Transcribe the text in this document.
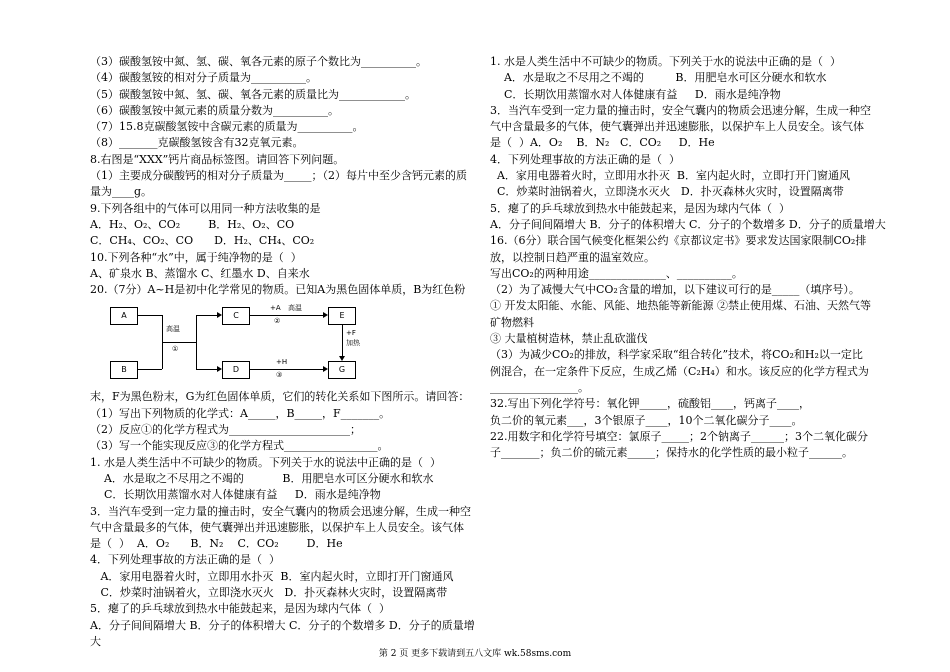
（3）碳酸氢铵中氮、氢、碳、氧各元素的原子个数比为__________。
（4）碳酸氢铵的相对分子质量为__________。
（5）碳酸氢铵中氮、氢、碳、氧各元素的质量比为____________。
（6）碳酸氢铵中氮元素的质量分数为__________。
（7）15.8克碳酸氢铵中含碳元素的质量为__________。
（8）_______克碳酸氢铵含有32克氧元素。
8.右图是“XXX”钙片商品标签图。请回答下列问题。
（1）主要成分碳酸钙的相对分子质量为_____；（2）每片中至少含钙元素的质
量为____g。
9.下列各组中的气体可以用同一种方法收集的是
A．H₂、O₂、CO₂        B．H₂、O₂、CO
C．CH₄、CO₂、CO      D．H₂、CH₄、CO₂
10.下列各种“水”中，属于纯净物的是（  ）
A、矿泉水 B、蒸馏水 C、红墨水 D、自来水
20.（7分）A~H是初中化学常见的物质。已知A为黑色固体单质，B为红色粉
A
B
C
D
E
G
高温
①
+A 高温
②
+F
加热
+H
③
末，F为黑色粉末，G为红色固体单质，它们的转化关系如下图所示。请回答：
（1）写出下列物质的化学式：A_____，B_____，F_______。
（2）反应①的化学方程式为______________________；
（3）写一个能实现反应③的化学方程式_________________。
1. 水是人类生活中不可缺少的物质。下列关于水的说法中正确的是（  ）
A．水是取之不尽用之不竭的           B．用肥皂水可区分硬水和软水
C．长期饮用蒸馏水对人体健康有益     D．雨水是纯净物
3．当汽车受到一定力量的撞击时，安全气囊内的物质会迅速分解，生成一种空
气中含量最多的气体，使气囊弹出并迅速膨胀，以保护车上人员安全。该气体
是（  ）  A．O₂      B．N₂    C．CO₂        D．He
4．下列处理事故的方法正确的是（  ）
A．家用电器着火时，立即用水扑灭  B．室内起火时，立即打开门窗通风
C．炒菜时油锅着火，立即浇水灭火   D．扑灭森林火灾时，设置隔离带
5．瘪了的乒乓球放到热水中能鼓起来，是因为球内气体（  ）
A．分子间间隔增大 B．分子的体积增大 C．分子的个数增多 D．分子的质量增
大
1. 水是人类生活中不可缺少的物质。下列关于水的说法中正确的是（  ）
A．水是取之不尽用之不竭的         B．用肥皂水可区分硬水和软水
C．长期饮用蒸馏水对人体健康有益     D．雨水是纯净物
3．当汽车受到一定力量的撞击时，安全气囊内的物质会迅速分解，生成一种空
气中含量最多的气体，使气囊弹出并迅速膨胀，以保护车上人员安全。该气体
是（  ）A．O₂    B．N₂   C．CO₂     D．He
4．下列处理事故的方法正确的是（  ）
A．家用电器着火时，立即用水扑灭  B．室内起火时，立即打开门窗通风
C．炒菜时油锅着火，立即浇水灭火   D．扑灭森林火灾时，设置隔离带
5．瘪了的乒乓球放到热水中能鼓起来，是因为球内气体（  ）
A．分子间间隔增大 B．分子的体积增大 C．分子的个数增多 D．分子的质量增大
16.（6分）联合国气候变化框架公约《京都议定书》要求发达国家限制CO₂排
放，以控制日趋严重的温室效应。
写出CO₂的两种用途______________、__________。
（2）为了减慢大气中CO₂含量的增加，以下建议可行的是_____（填序号）。
① 开发太阳能、水能、风能、地热能等新能源 ②禁止使用煤、石油、天然气等
矿物燃料
③ 大量植树造林，禁止乱砍滥伐
（3）为减少CO₂的排放，科学家采取“组合转化”技术，将CO₂和H₂以一定比
例混合，在一定条件下反应，生成乙烯（C₂H₄）和水。该反应的化学方程式为
________________。
32.写出下列化学符号：氧化钾_____，硫酸铝____，钙离子____，
负二价的氧元素___，3个银原子____，10个二氧化碳分子____。
22.用数字和化学符号填空：氯原子_____；2个钠离子______；3个二氧化碳分
子_______；负二价的硫元素_____；保持水的化学性质的最小粒子______。
第 2 页 更多下载请到五八文库 wk.58sms.com
